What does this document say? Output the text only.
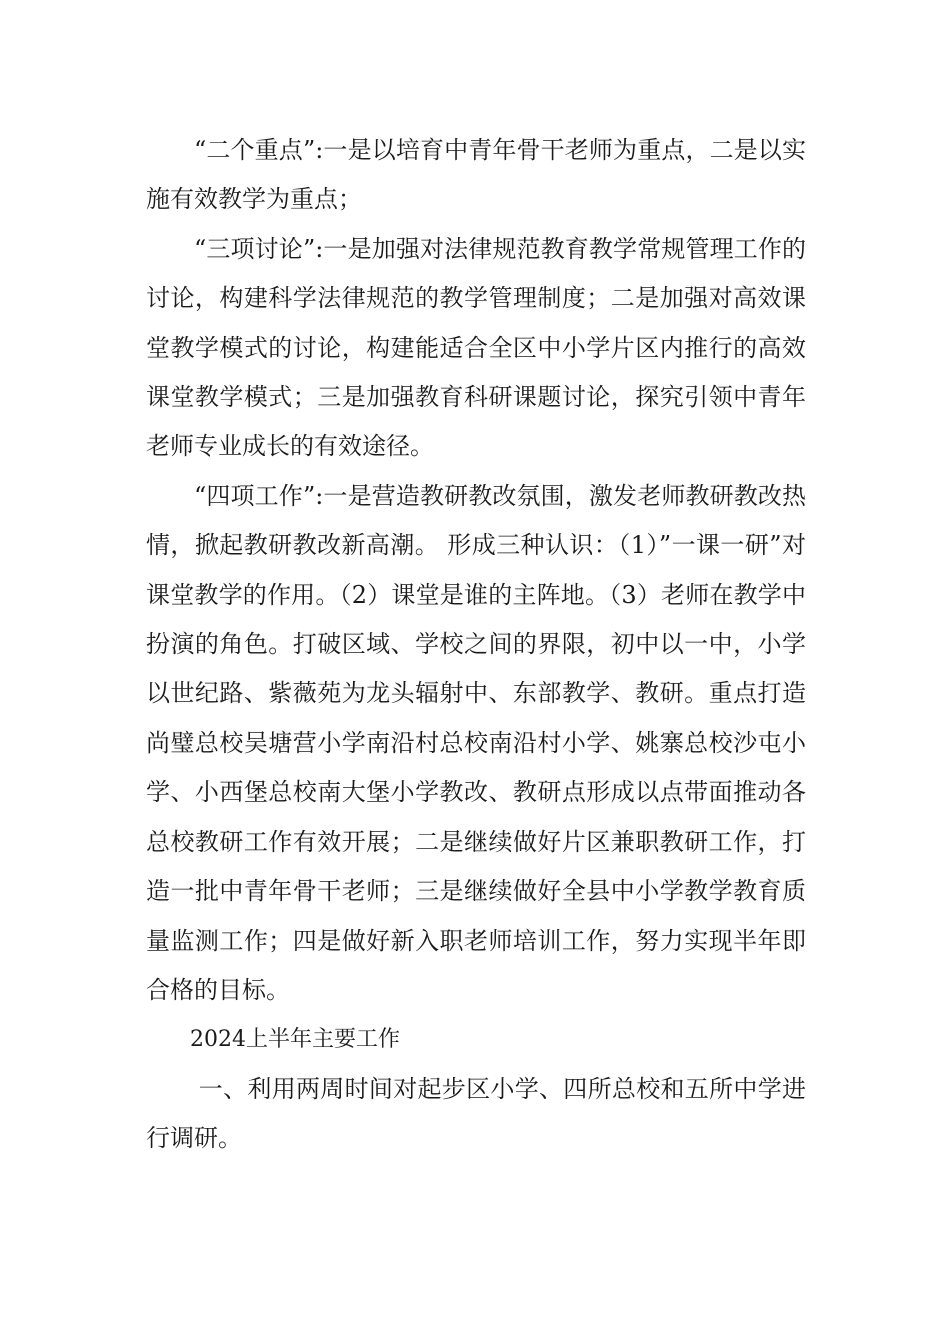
“二个重点”:一是以培育中青年骨干老师为重点，二是以实施有效教学为重点；

“三项讨论”:一是加强对法律规范教育教学常规管理工作的讨论，构建科学法律规范的教学管理制度；二是加强对高效课堂教学模式的讨论，构建能适合全区中小学片区内推行的高效课堂教学模式；三是加强教育科研课题讨论，探究引领中青年老师专业成长的有效途径。

“四项工作”:一是营造教研教改氛围，激发老师教研教改热情，掀起教研教改新高潮。 形成三种认识：（1）”一课一研”对课堂教学的作用。（2）课堂是谁的主阵地。（3）老师在教学中扮演的角色。打破区域、学校之间的界限，初中以一中，小学以世纪路、紫薇苑为龙头辐射中、东部教学、教研。重点打造尚璧总校吴塘营小学南沿村总校南沿村小学、姚寨总校沙屯小学、小西堡总校南大堡小学教改、教研点形成以点带面推动各总校教研工作有效开展；二是继续做好片区兼职教研工作，打造一批中青年骨干老师；三是继续做好全县中小学教学教育质量监测工作；四是做好新入职老师培训工作，努力实现半年即合格的目标。

2024上半年主要工作

一、利用两周时间对起步区小学、四所总校和五所中学进行调研。
